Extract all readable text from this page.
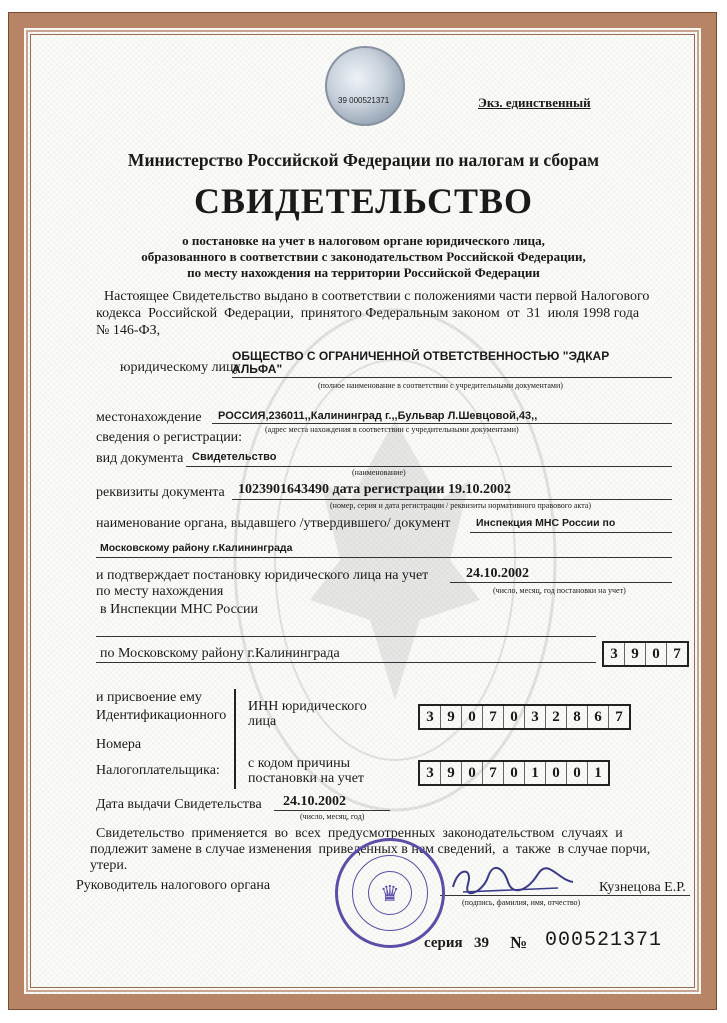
39 000521371	Экз. единственный
Министерство Российской Федерации по налогам и сборам
СВИДЕТЕЛЬСТВО
о постановке на учет в налоговом органе юридического лица,
образованного в соответствии с законодательством Российской Федерации,
по месту нахождения на территории Российской Федерации
Настоящее Свидетельство выдано в соответствии с положениями части первой Налогового
кодекса  Российской  Федерации,  принятого Федеральным законом  от  31  июля 1998 года
№ 146-ФЗ,
юридическому лицу
ОБЩЕСТВО С ОГРАНИЧЕННОЙ ОТВЕТСТВЕННОСТЬЮ "ЭДКАР
АЛЬФА"
(полное наименование в соответствии с учредительными документами)
местонахождение РОССИЯ,236011,,Калининград г.,,Бульвар Л.Шевцовой,43,,
(адрес места нахождения в соответствии с учредительными документами)
сведения о регистрации:
вид документа Свидетельство
(наименование)
реквизиты документа 1023901643490 дата регистрации 19.10.2002
(номер, серия и дата регистрации / реквизиты нормативного правового акта)
наименование органа, выдавшего /утвердившего/ документ Инспекция МНС России по
Московскому району г.Калининграда
и подтверждает постановку юридического лица на учет	24.10.2002
по месту нахождения	(число, месяц, год постановки на учет)
в Инспекции МНС России
по Московскому району г.Калининграда	3 9 0 7
и присвоение ему
Идентификационного
Номера
Налогоплательщика:
ИНН юридического
лица	3 9 0 7 0 3 2 8 6 7
с кодом причины
постановки на учет	3 9 0 7 0 1 0 0 1
Дата выдачи Свидетельства 24.10.2002
(число, месяц, год)
Свидетельство  применяется  во  всех  предусмотренных  законодательством  случаях  и
подлежит замене в случае изменения  приведенных в нем сведений,  а  также  в случае порчи,
утери.
Руководитель налогового органа	Кузнецова Е.Р.
(подпись, фамилия, имя, отчество)
♛
серия 39 № 000521371
